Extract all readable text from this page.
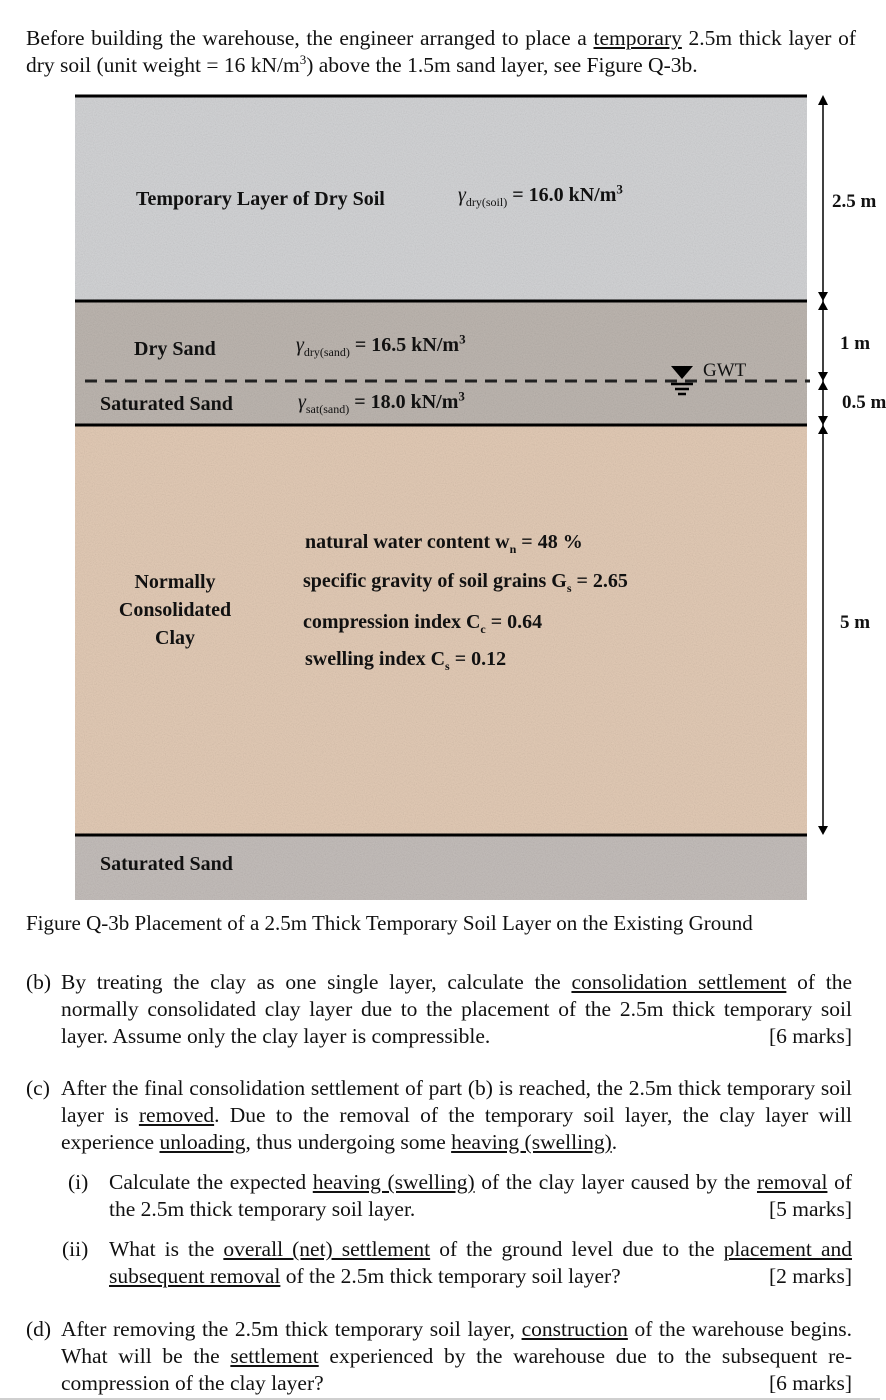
Before building the warehouse, the engineer arranged to place a temporary 2.5m thick layer of dry soil (unit weight = 16 $kN/m^3$) above the 1.5m sand layer, see Figure Q-3b.
Temporary Layer of Dry Soil	$\gamma_{dry(soil)} = 16.0$ $kN/m^3$
Dry Sand	$\gamma_{dry(sand)} = 16.5$ $kN/m^3$
Saturated Sand	$\gamma_{sat(sand)} = 18.0$ $kN/m^3$
GWT
Normally
Consolidated
Clay
natural water content $w_n = 48$ %
specific gravity of soil grains $G_s = 2.65$
compression index $C_c = 0.64$
swelling index $C_s = 0.12$
Saturated Sand
2.5 m
1 m
0.5 m
5 m
Figure Q-3b Placement of a 2.5m Thick Temporary Soil Layer on the Existing Ground
(b) By treating the clay as one single layer, calculate the consolidation settlement of the normally consolidated clay layer due to the placement of the 2.5m thick temporary soil layer. Assume only the clay layer is compressible.	[6 marks]
(c) After the final consolidation settlement of part (b) is reached, the 2.5m thick temporary soil layer is removed. Due to the removal of the temporary soil layer, the clay layer will experience unloading, thus undergoing some heaving (swelling).
(i) Calculate the expected heaving (swelling) of the clay layer caused by the removal of the 2.5m thick temporary soil layer.	[5 marks]
(ii) What is the overall (net) settlement of the ground level due to the placement and subsequent removal of the 2.5m thick temporary soil layer?	[2 marks]
(d) After removing the 2.5m thick temporary soil layer, construction of the warehouse begins. What will be the settlement experienced by the warehouse due to the subsequent re-compression of the clay layer?	[6 marks]
